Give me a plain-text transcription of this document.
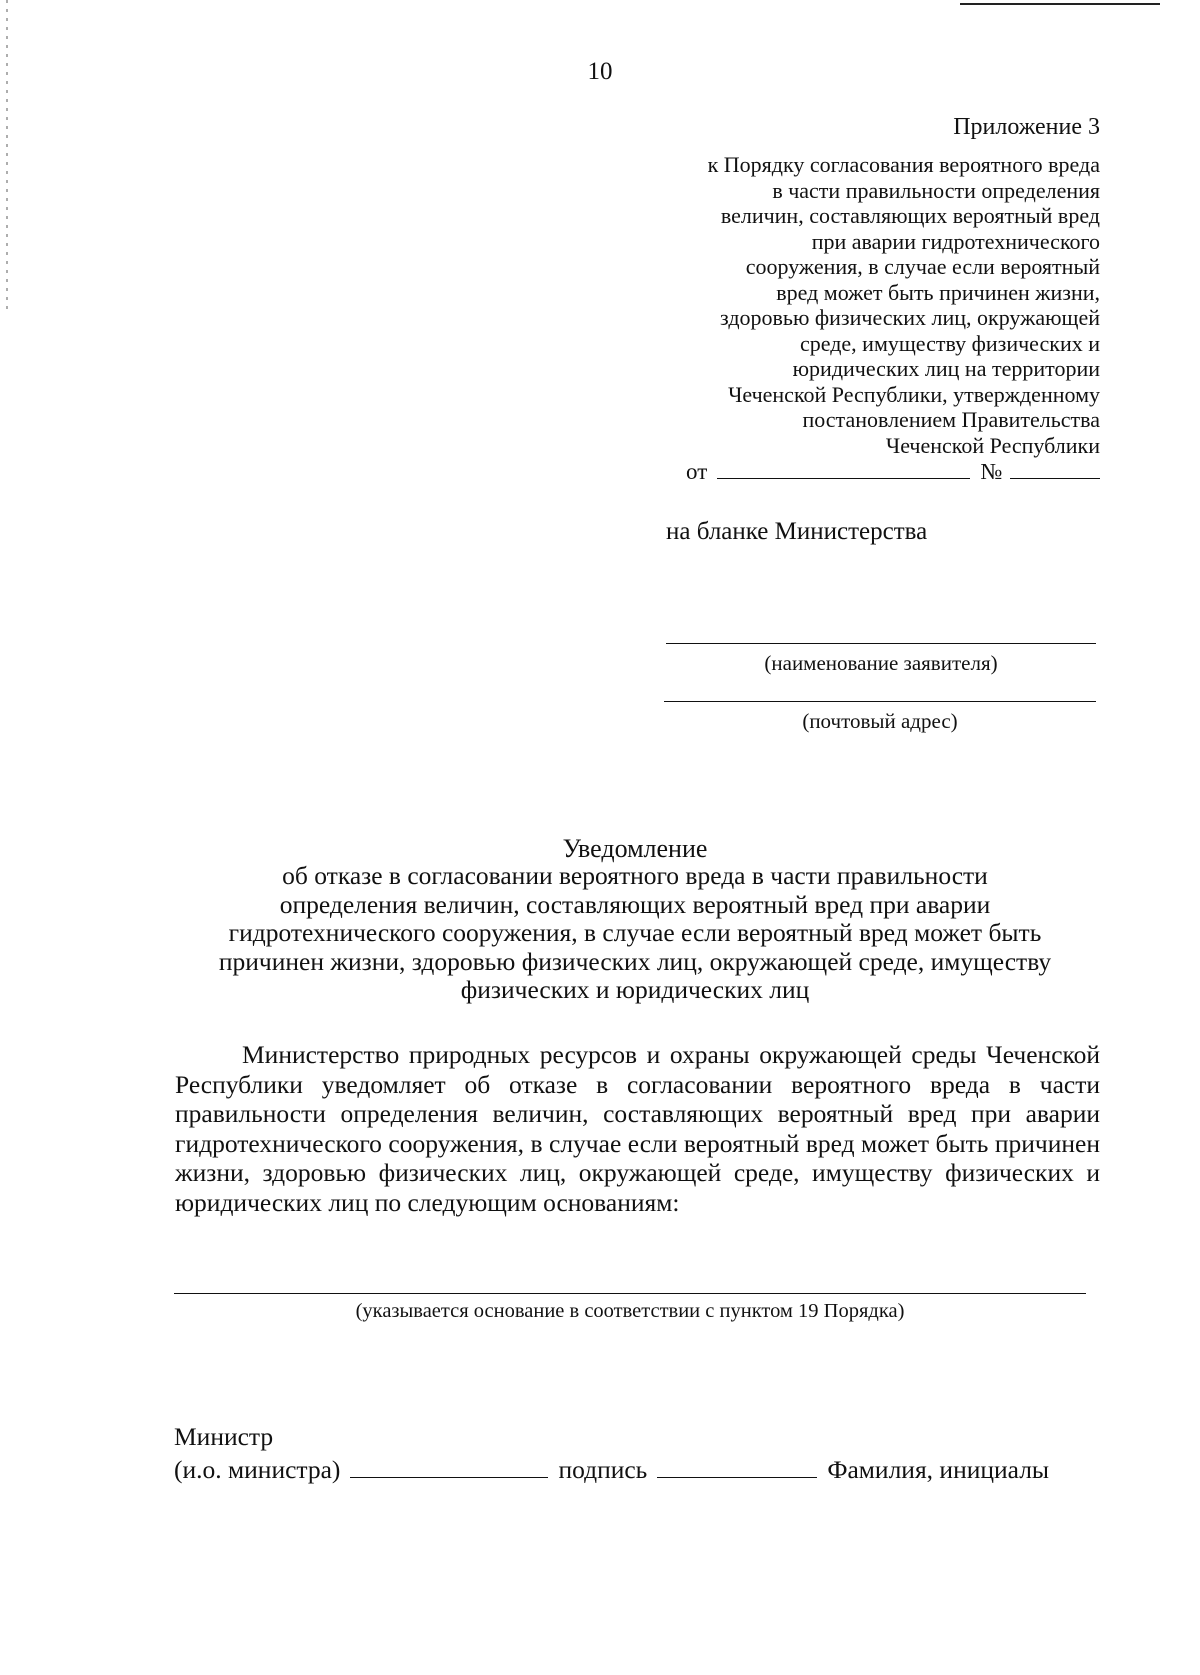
10
Приложение 3
к Порядку согласования вероятного вреда
в части правильности определения
величин, составляющих вероятный вред
при аварии гидротехнического
сооружения, в случае если вероятный
вред может быть причинен жизни,
здоровью физических лиц, окружающей
среде, имуществу физических и
юридических лиц на территории
Чеченской Республики, утвержденному
постановлением Правительства
Чеченской Республики
от	№
на бланке Министерства
(наименование заявителя)
(почтовый адрес)
Уведомление
об отказе в согласовании вероятного вреда в части правильности
определения величин, составляющих вероятный вред при аварии
гидротехнического сооружения, в случае если вероятный вред может быть
причинен жизни, здоровью физических лиц, окружающей среде, имуществу
физических и юридических лиц
Министерство природных ресурсов и охраны окружающей среды Чеченской Республики уведомляет об отказе в согласовании вероятного вреда в части правильности определения величин, составляющих вероятный вред при аварии гидротехнического сооружения, в случае если вероятный вред может быть причинен жизни, здоровью физических лиц, окружающей среде, имуществу физических и юридических лиц по следующим основаниям:
(указывается основание в соответствии с пунктом 19 Порядка)
Министр
(и.о. министра)	подпись	Фамилия, инициалы
